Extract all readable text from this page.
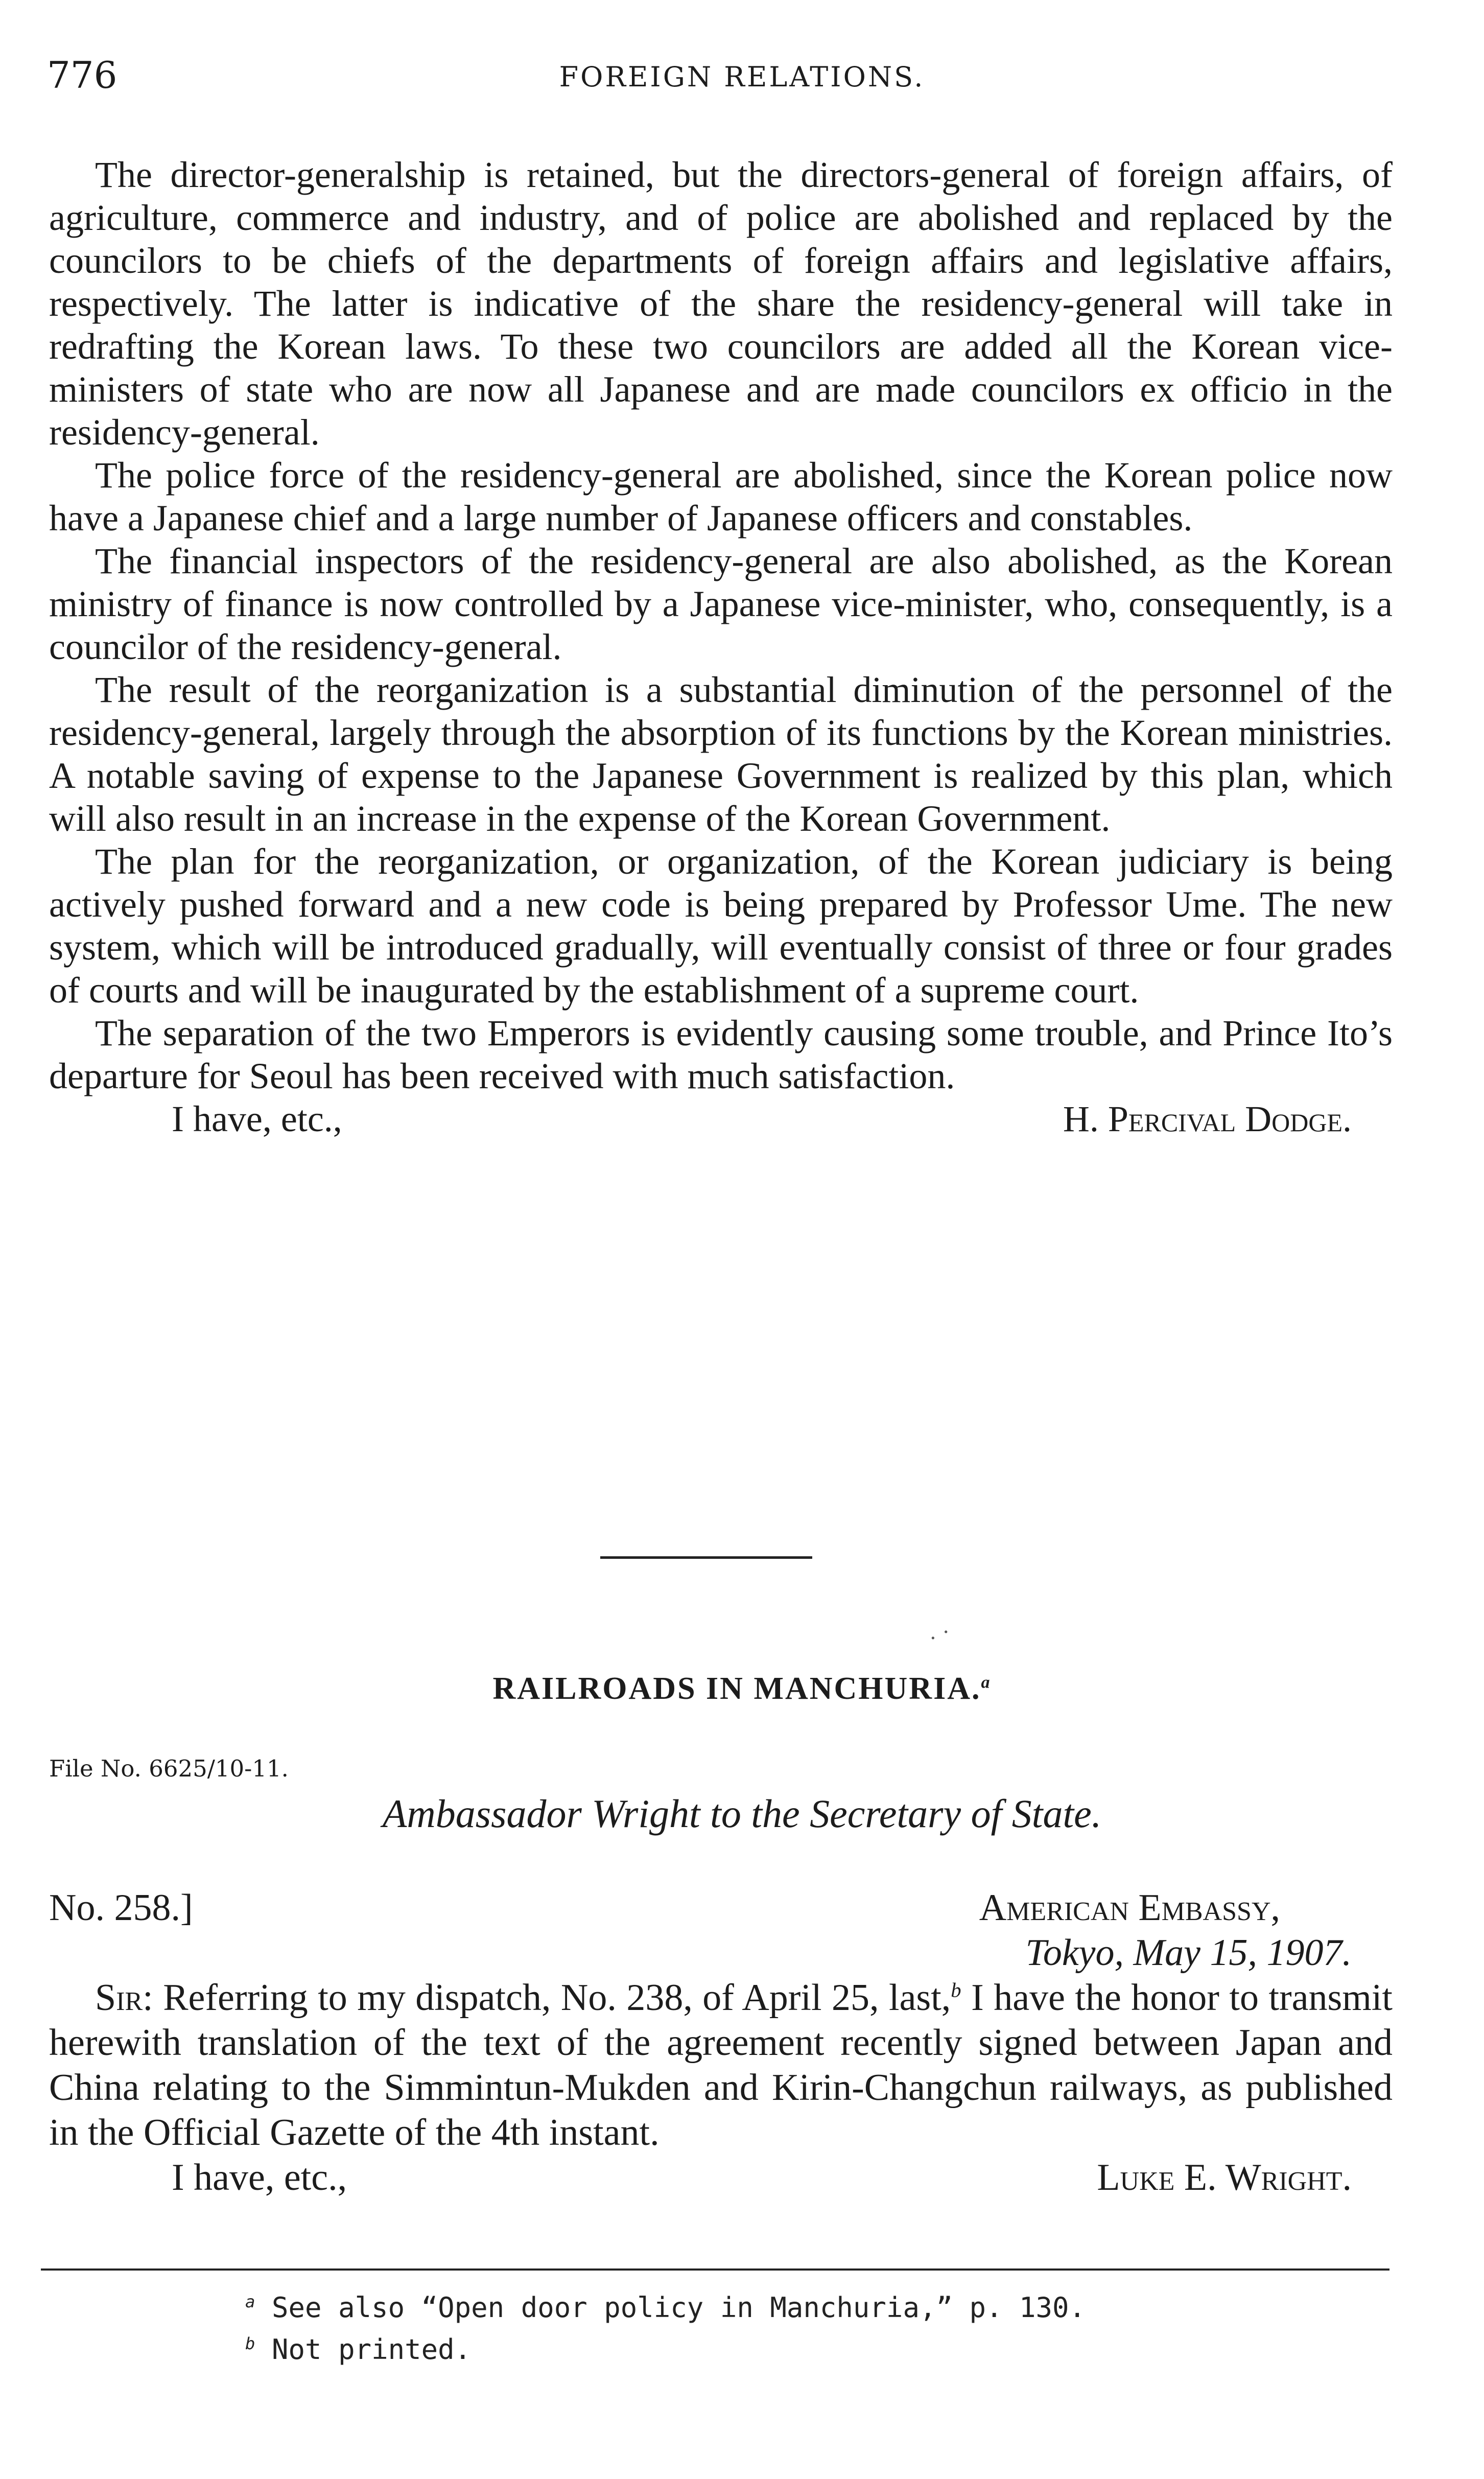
776	FOREIGN RELATIONS.

The director-generalship is retained, but the directors-general of foreign affairs, of agriculture, commerce and industry, and of police are abolished and replaced by the councilors to be chiefs of the departments of foreign affairs and legislative affairs, respectively. The latter is indicative of the share the residency-general will take in redrafting the Korean laws. To these two councilors are added all the Korean vice-ministers of state who are now all Japanese and are made councilors ex officio in the residency-general.

The police force of the residency-general are abolished, since the Korean police now have a Japanese chief and a large number of Japanese officers and constables.

The financial inspectors of the residency-general are also abolished, as the Korean ministry of finance is now controlled by a Japanese vice-minister, who, consequently, is a councilor of the residency-general.

The result of the reorganization is a substantial diminution of the personnel of the residency-general, largely through the absorption of its functions by the Korean ministries. A notable saving of expense to the Japanese Government is realized by this plan, which will also result in an increase in the expense of the Korean Government.

The plan for the reorganization, or organization, of the Korean judiciary is being actively pushed forward and a new code is being prepared by Professor Ume. The new system, which will be introduced gradually, will eventually consist of three or four grades of courts and will be inaugurated by the establishment of a supreme court.

The separation of the two Emperors is evidently causing some trouble, and Prince Ito’s departure for Seoul has been received with much satisfaction.

I have, etc.,	H. Percival Dodge.
. ·
RAILROADS IN MANCHURIA.$^a$
File No. 6625/10-11.
Ambassador Wright to the Secretary of State.
No. 258.]	American Embassy,
Tokyo, May 15, 1907.

Sir: Referring to my dispatch, No. 238, of April 25, last,$^b$ I have the honor to transmit herewith translation of the text of the agreement recently signed between Japan and China relating to the Simmintun-Mukden and Kirin-Changchun railways, as published in the Official Gazette of the 4th instant.

I have, etc.,	Luke E. Wright.
$^a$ See also “Open door policy in Manchuria,” p. 130.
$^b$ Not printed.
